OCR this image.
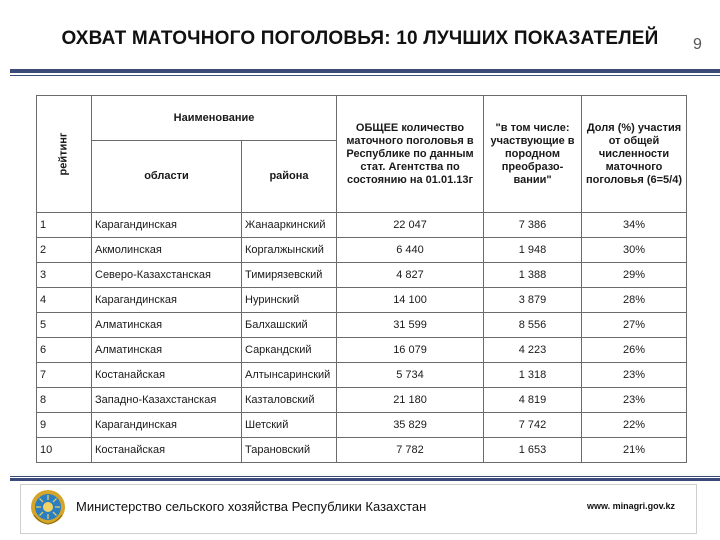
ОХВАТ МАТОЧНОГО ПОГОЛОВЬЯ: 10 ЛУЧШИХ ПОКАЗАТЕЛЕЙ	9
рейтинг	Наименование		ОБЩЕЕ количество маточного поголовья в Республике по данным стат. Агентства по состоянию на 01.01.13г	"в том числе: участвующие в породном преобразо-вании"	Доля (%) участия от общей численности маточного поголовья (6=5/4)
	области	района			
1	Карагандинская	Жанааркинский	22 047	7 386	34%
2	Акмолинская	Коргалжынский	6 440	1 948	30%
3	Северо-Казахстанская	Тимирязевский	4 827	1 388	29%
4	Карагандинская	Нуринский	14 100	3 879	28%
5	Алматинская	Балхашский	31 599	8 556	27%
6	Алматинская	Саркандский	16 079	4 223	26%
7	Костанайская	Алтынсаринский	5 734	1 318	23%
8	Западно-Казахстанская	Казталовский	21 180	4 819	23%
9	Карагандинская	Шетский	35 829	7 742	22%
10	Костанайская	Тарановский	7 782	1 653	21%
Министерство сельского хозяйства Республики Казахстан	www. minagri.gov.kz
